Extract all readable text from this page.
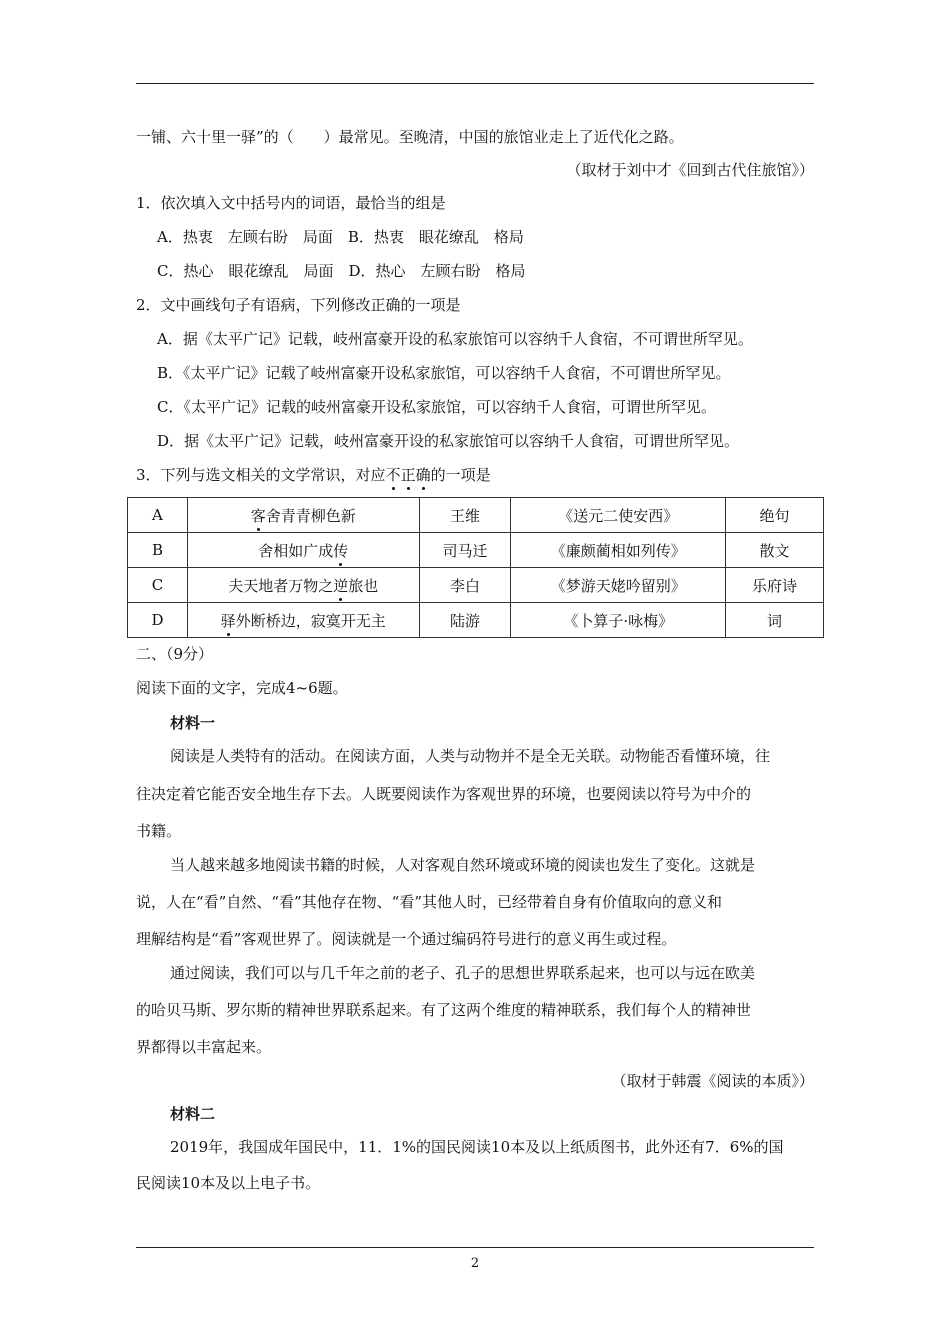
一铺、六十里一驿”的（　　）最常见。至晚清，中国的旅馆业走上了近代化之路。
（取材于刘中才《回到古代住旅馆》）
1．依次填入文中括号内的词语，最恰当的组是
A．热衷　左顾右盼　局面　B．热衷　眼花缭乱　格局
C．热心　眼花缭乱　局面　D．热心　左顾右盼　格局
2．文中画线句子有语病，下列修改正确的一项是
A．据《太平广记》记载，岐州富豪开设的私家旅馆可以容纳千人食宿，不可谓世所罕见。
B．《太平广记》记载了岐州富豪开设私家旅馆，可以容纳千人食宿，不可谓世所罕见。
C．《太平广记》记载的岐州富豪开设私家旅馆，可以容纳千人食宿，可谓世所罕见。
D．据《太平广记》记载，岐州富豪开设的私家旅馆可以容纳千人食宿，可谓世所罕见。
3．下列与选文相关的文学常识，对应不正确的一项是
A	客舍青青柳色新	王维	《送元二使安西》	绝句
B	舍相如广成传	司马迁	《廉颇蔺相如列传》	散文
C	夫天地者万物之逆旅也	李白	《梦游天姥吟留别》	乐府诗
D	驿外断桥边，寂寞开无主	陆游	《卜算子·咏梅》	词
二、（9分）
阅读下面的文字，完成4~6题。
材料一
阅读是人类特有的活动。在阅读方面，人类与动物并不是全无关联。动物能否看懂环境，往
往决定着它能否安全地生存下去。人既要阅读作为客观世界的环境，也要阅读以符号为中介的
书籍。
当人越来越多地阅读书籍的时候，人对客观自然环境或环境的阅读也发生了变化。这就是
说，人在“看”自然、“看”其他存在物、“看”其他人时，已经带着自身有价值取向的意义和
理解结构是“看”客观世界了。阅读就是一个通过编码符号进行的意义再生或过程。
通过阅读，我们可以与几千年之前的老子、孔子的思想世界联系起来，也可以与远在欧美
的哈贝马斯、罗尔斯的精神世界联系起来。有了这两个维度的精神联系，我们每个人的精神世
界都得以丰富起来。
（取材于韩震《阅读的本质》）
材料二
2019年，我国成年国民中，11．1%的国民阅读10本及以上纸质图书，此外还有7．6%的国
民阅读10本及以上电子书。
2
